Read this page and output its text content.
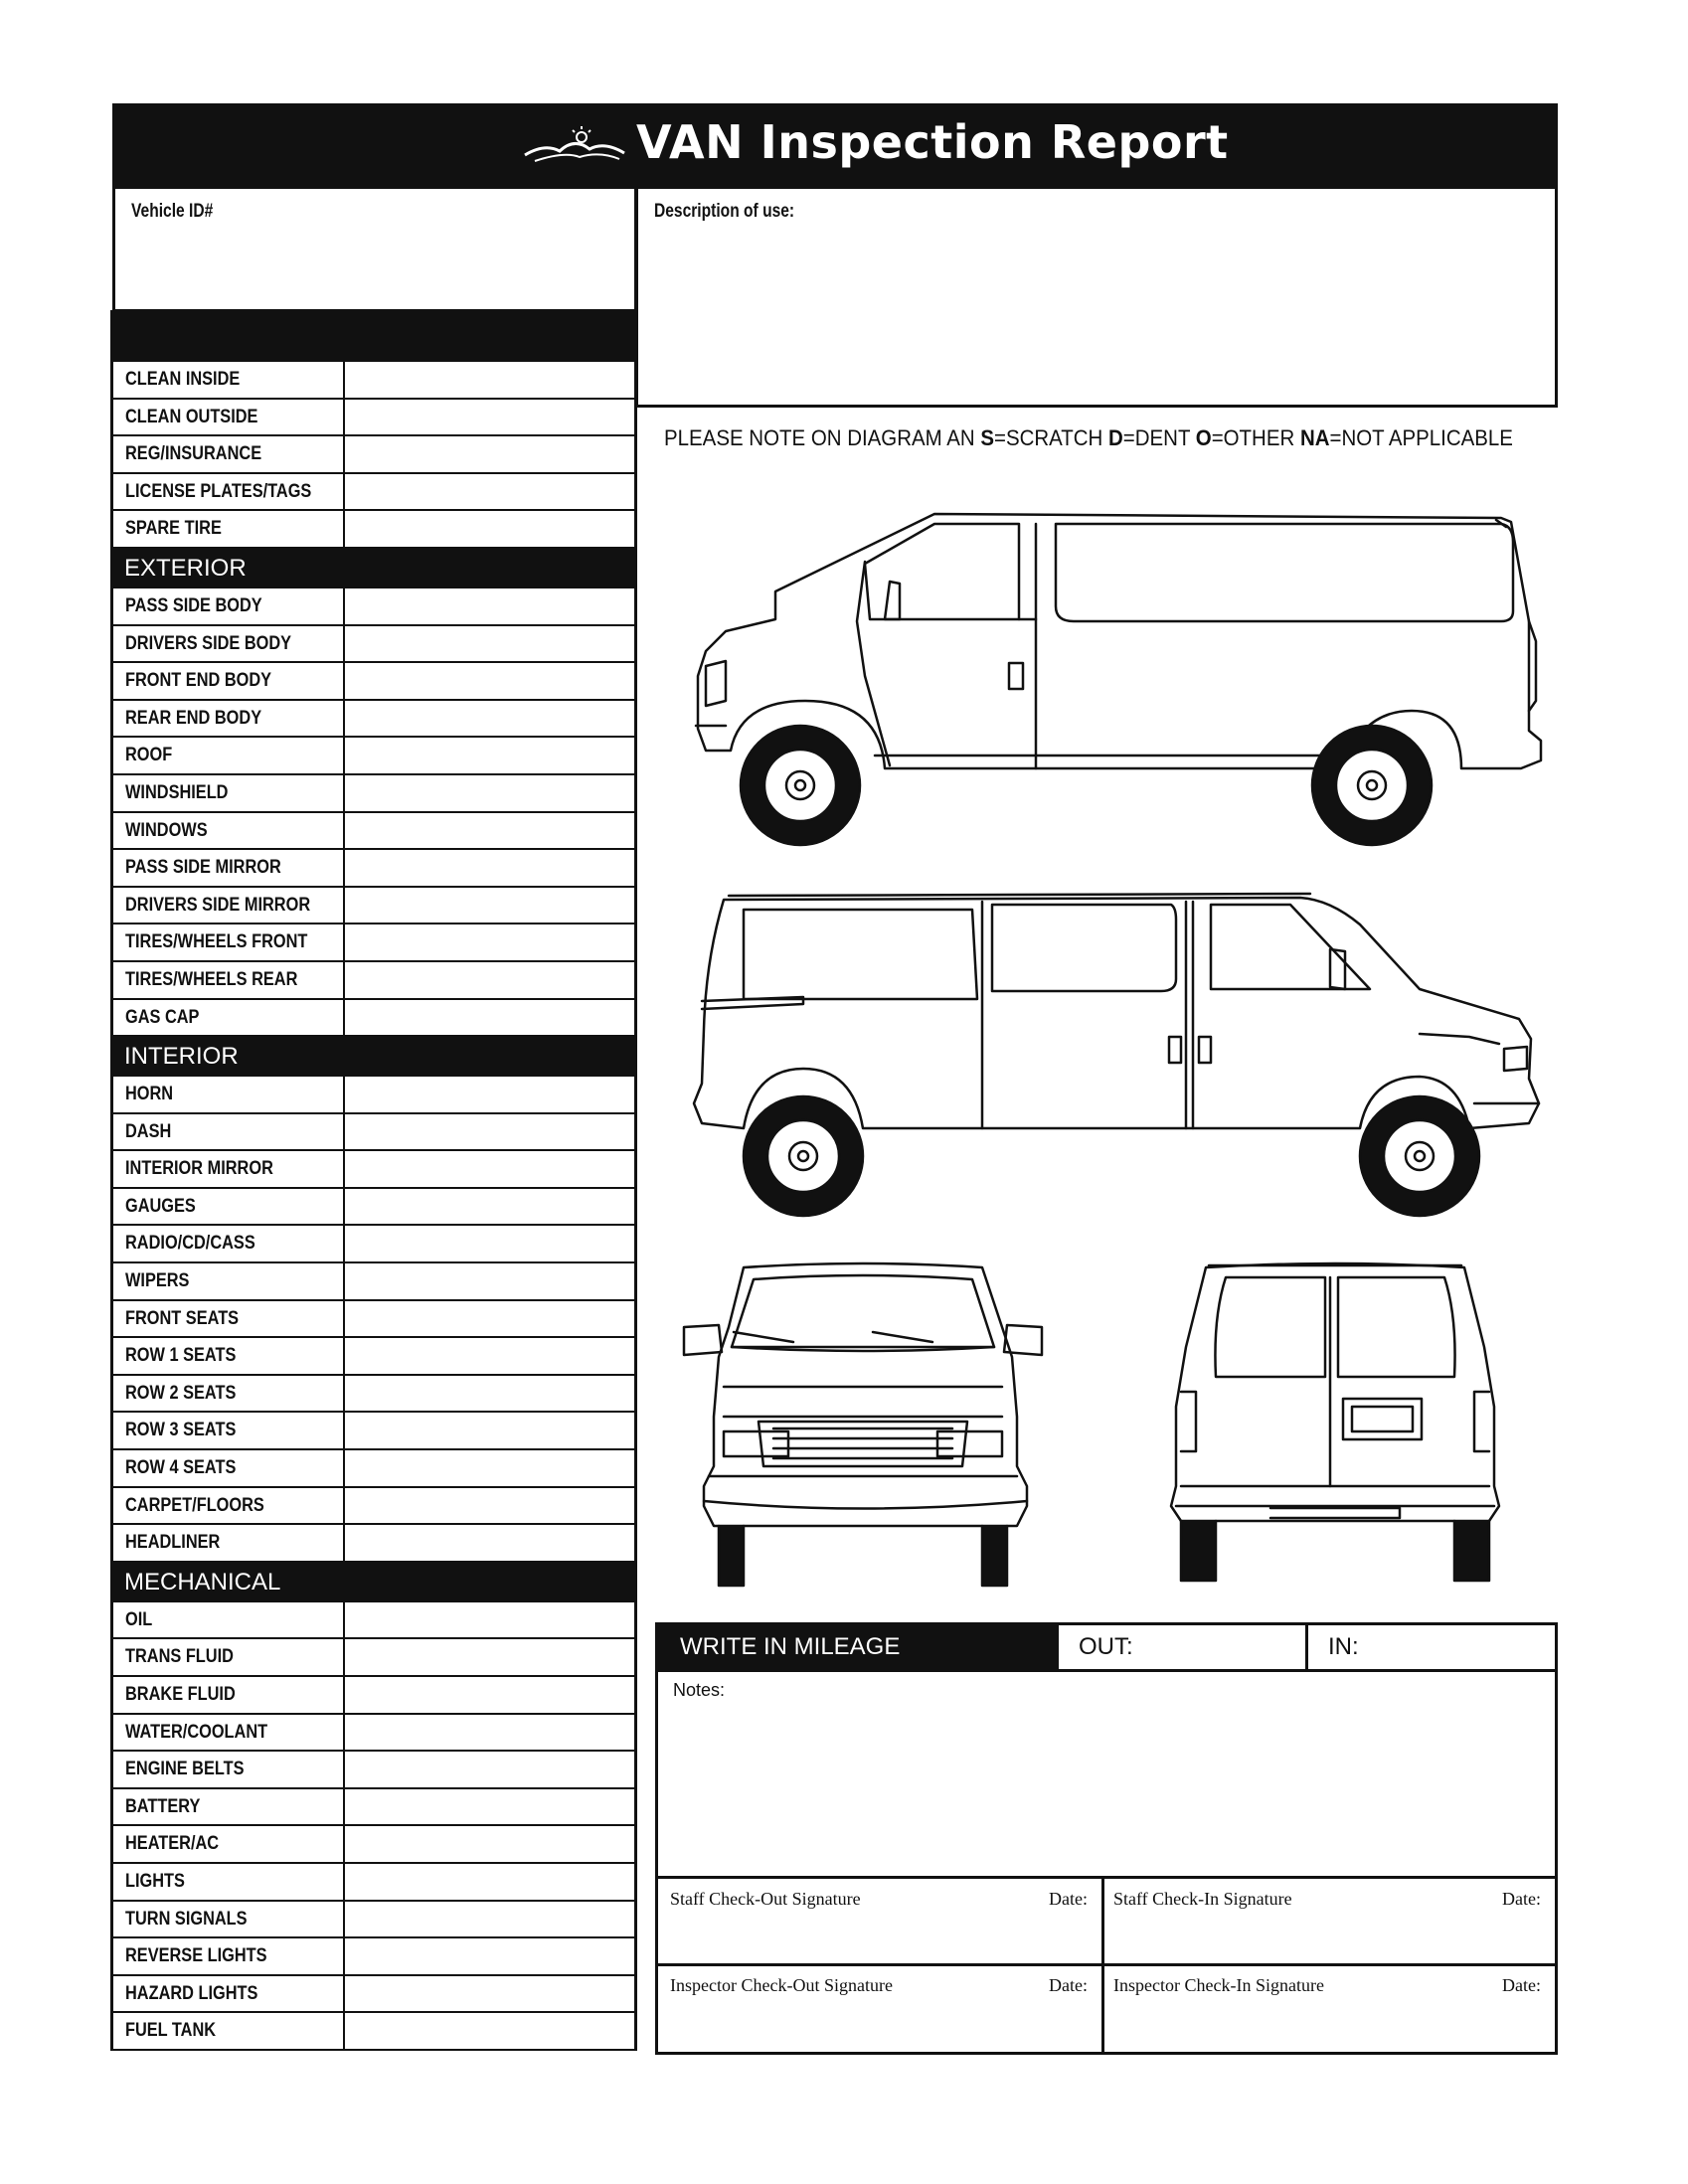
VAN Inspection Report
Vehicle ID#	Description of use:
CLEAN INSIDE
CLEAN OUTSIDE
REG/INSURANCE
LICENSE PLATES/TAGS
SPARE TIRE
EXTERIOR
PASS SIDE BODY
DRIVERS SIDE BODY
FRONT END BODY
REAR END BODY
ROOF
WINDSHIELD
WINDOWS
PASS SIDE MIRROR
DRIVERS SIDE MIRROR
TIRES/WHEELS FRONT
TIRES/WHEELS REAR
GAS CAP
INTERIOR
HORN
DASH
INTERIOR MIRROR
GAUGES
RADIO/CD/CASS
WIPERS
FRONT SEATS
ROW 1 SEATS
ROW 2 SEATS
ROW 3 SEATS
ROW 4 SEATS
CARPET/FLOORS
HEADLINER
MECHANICAL
OIL
TRANS FLUID
BRAKE FLUID
WATER/COOLANT
ENGINE BELTS
BATTERY
HEATER/AC
LIGHTS
TURN SIGNALS
REVERSE LIGHTS
HAZARD LIGHTS
FUEL TANK
PLEASE NOTE ON DIAGRAM AN S=SCRATCH D=DENT O=OTHER NA=NOT APPLICABLE
WRITE IN MILEAGE	OUT:	IN:
Notes:
Staff Check-Out Signature	Date: Staff Check-In Signature	Date:
Inspector Check-Out Signature	Date: Inspector Check-In Signature	Date:
